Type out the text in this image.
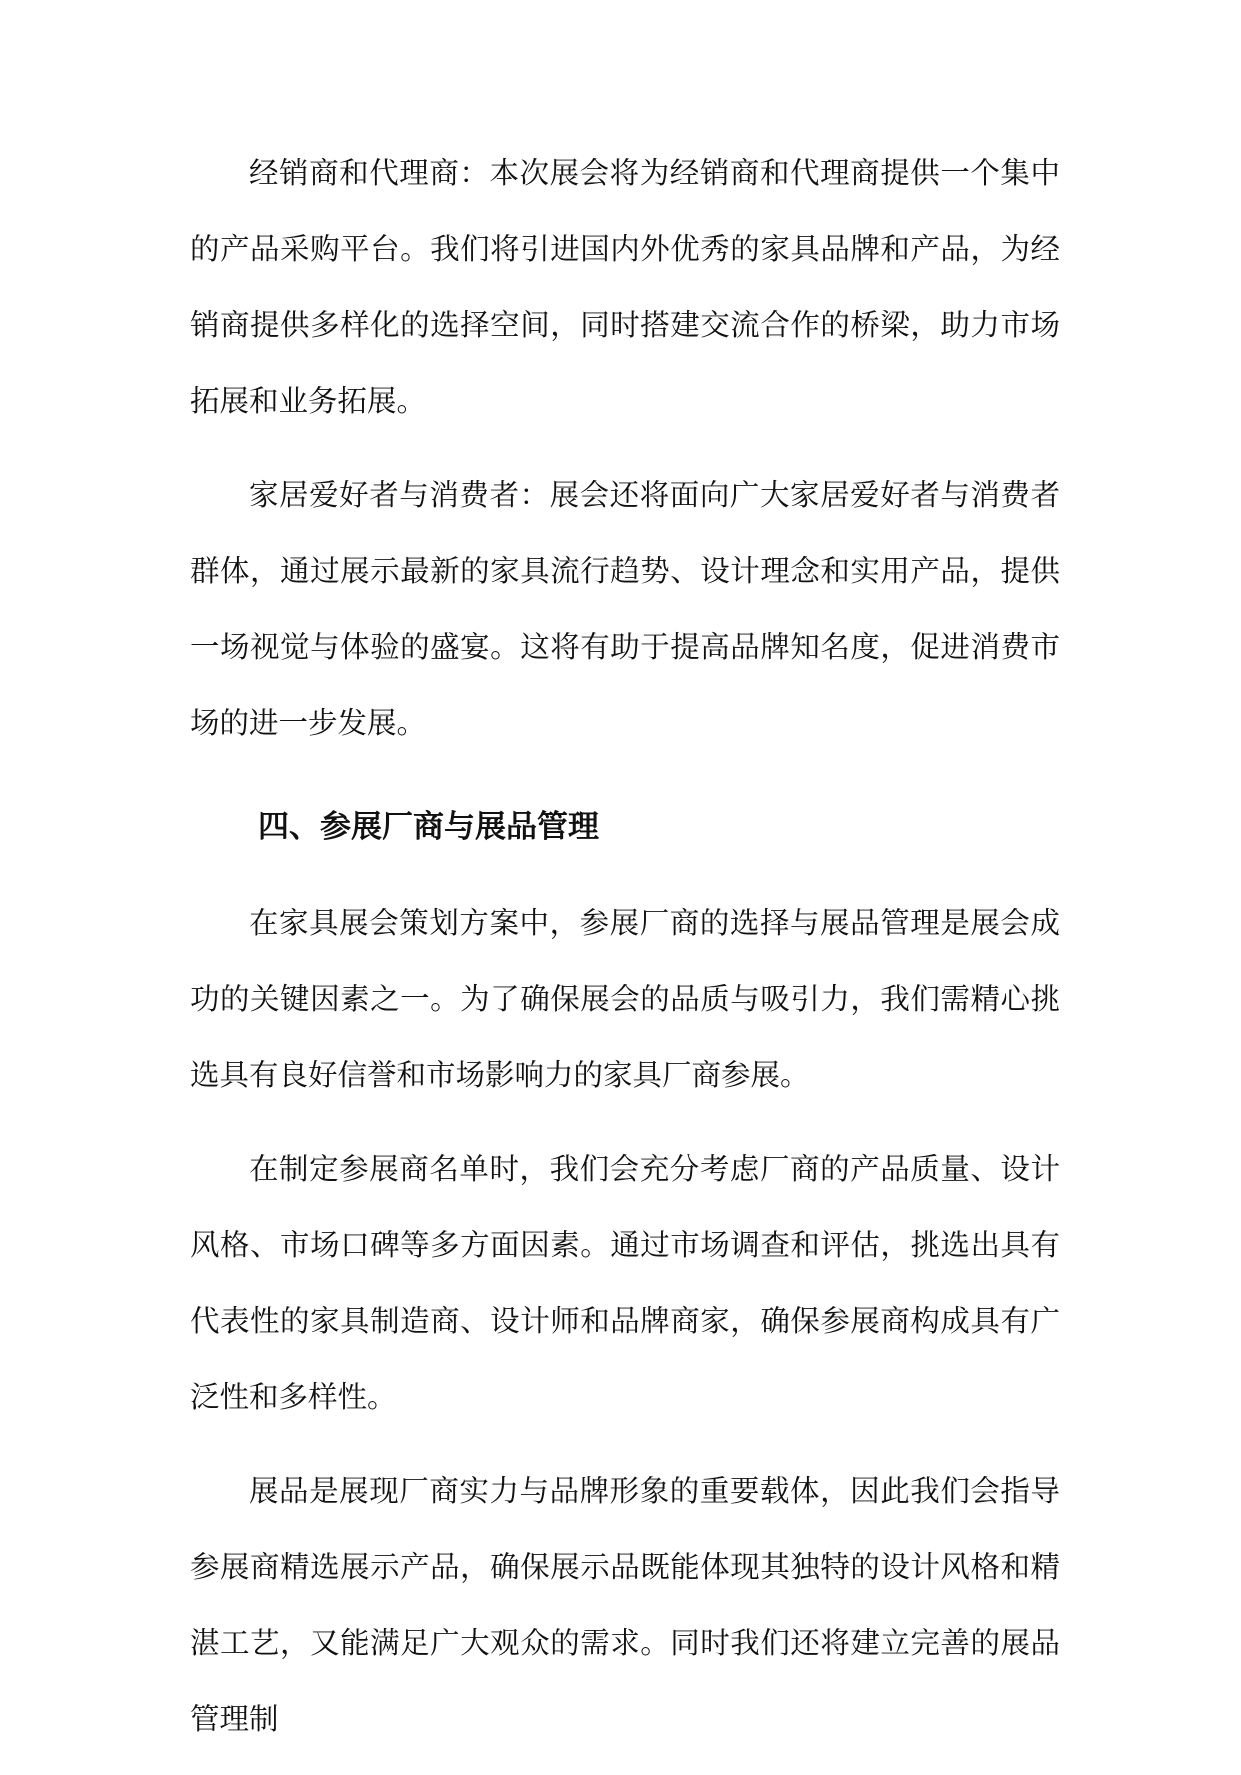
经销商和代理商：本次展会将为经销商和代理商提供一个集中的产品采购平台。我们将引进国内外优秀的家具品牌和产品，为经销商提供多样化的选择空间，同时搭建交流合作的桥梁，助力市场拓展和业务拓展。

家居爱好者与消费者：展会还将面向广大家居爱好者与消费者群体，通过展示最新的家具流行趋势、设计理念和实用产品，提供一场视觉与体验的盛宴。这将有助于提高品牌知名度，促进消费市场的进一步发展。

四、参展厂商与展品管理

在家具展会策划方案中，参展厂商的选择与展品管理是展会成功的关键因素之一。为了确保展会的品质与吸引力，我们需精心挑选具有良好信誉和市场影响力的家具厂商参展。

在制定参展商名单时，我们会充分考虑厂商的产品质量、设计风格、市场口碑等多方面因素。通过市场调查和评估，挑选出具有代表性的家具制造商、设计师和品牌商家，确保参展商构成具有广泛性和多样性。

展品是展现厂商实力与品牌形象的重要载体，因此我们会指导参展商精选展示产品，确保展示品既能体现其独特的设计风格和精湛工艺，又能满足广大观众的需求。同时我们还将建立完善的展品管理制
